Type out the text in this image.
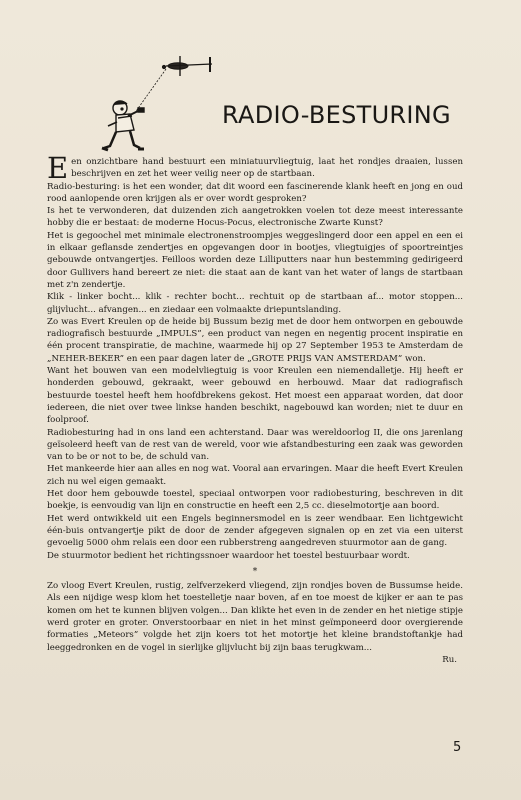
RADIO-BESTURING

Een onzichtbare hand bestuurt een miniatuurvliegtuig, laat het rondjes draaien, lussen beschrijven en zet het weer veilig neer op de startbaan.

Radio-besturing: is het een wonder, dat dit woord een fascinerende klank heeft en jong en oud rood aanlopende oren krijgen als er over wordt gesproken?

Is het te verwonderen, dat duizenden zich aangetrokken voelen tot deze meest interessante hobby die er bestaat: de moderne Hocus-Pocus, electronische Zwarte Kunst?

Het is gegoochel met minimale electronenstroompjes weggeslingerd door een appel en een ei in elkaar geflansde zendertjes en opgevangen door in bootjes, vliegtuigjes of spoortreintjes gebouwde ontvangertjes. Feilloos worden deze Lilliputters naar hun bestemming gedirigeerd door Gullivers hand bereert ze niet: die staat aan de kant van het water of langs de startbaan met z'n zendertje.

Klik - linker bocht... klik - rechter bocht... rechtuit op de startbaan af... motor stoppen... glijvlucht... afvangen... en ziedaar een volmaakte driepuntslanding.

Zo was Evert Kreulen op de heide bij Bussum bezig met de door hem ontworpen en gebouwde radiografisch bestuurde „IMPULS”, een product van negen en negentig procent inspiratie en één procent transpiratie, de machine, waarmede hij op 27 September 1953 te Amsterdam de „NEHER-BEKER” en een paar dagen later de „GROTE PRIJS VAN AMSTERDAM” won.

Want het bouwen van een modelvliegtuig is voor Kreulen een niemendalletje. Hij heeft er honderden gebouwd, gekraakt, weer gebouwd en herbouwd. Maar dat radiografisch bestuurde toestel heeft hem hoofdbrekens gekost. Het moest een apparaat worden, dat door iedereen, die niet over twee linkse handen beschikt, nagebouwd kan worden; niet te duur en foolproof.

Radiobesturing had in ons land een achterstand. Daar was wereldoorlog II, die ons jarenlang geïsoleerd heeft van de rest van de wereld, voor wie afstandbesturing een zaak was geworden van to be or not to be, de schuld van.

Het mankeerde hier aan alles en nog wat. Vooral aan ervaringen. Maar die heeft Evert Kreulen zich nu wel eigen gemaakt.

Het door hem gebouwde toestel, speciaal ontworpen voor radiobesturing, beschreven in dit boekje, is eenvoudig van lijn en constructie en heeft een 2,5 cc. dieselmotortje aan boord.

Het werd ontwikkeld uit een Engels beginnersmodel en is zeer wendbaar. Een lichtgewicht één-buis ontvangertje pikt de door de zender afgegeven signalen op en zet via een uiterst gevoelig 5000 ohm relais een door een rubberstreng aangedreven stuurmotor aan de gang.

De stuurmotor bedient het richtingssnoer waardoor het toestel bestuurbaar wordt.

*

Zo vloog Evert Kreulen, rustig, zelfverzekerd vliegend, zijn rondjes boven de Bussumse heide. Als een nijdige wesp klom het toestelletje naar boven, af en toe moest de kijker er aan te pas komen om het te kunnen blijven volgen... Dan klikte het even in de zender en het nietige stipje werd groter en groter. Onverstoorbaar en niet in het minst geïmponeerd door overgierende formaties „Meteors” volgde het zijn koers tot het motortje het kleine brandstoftankje had leeggedronken en de vogel in sierlijke glijvlucht bij zijn baas terugkwam...

Ru.

5
